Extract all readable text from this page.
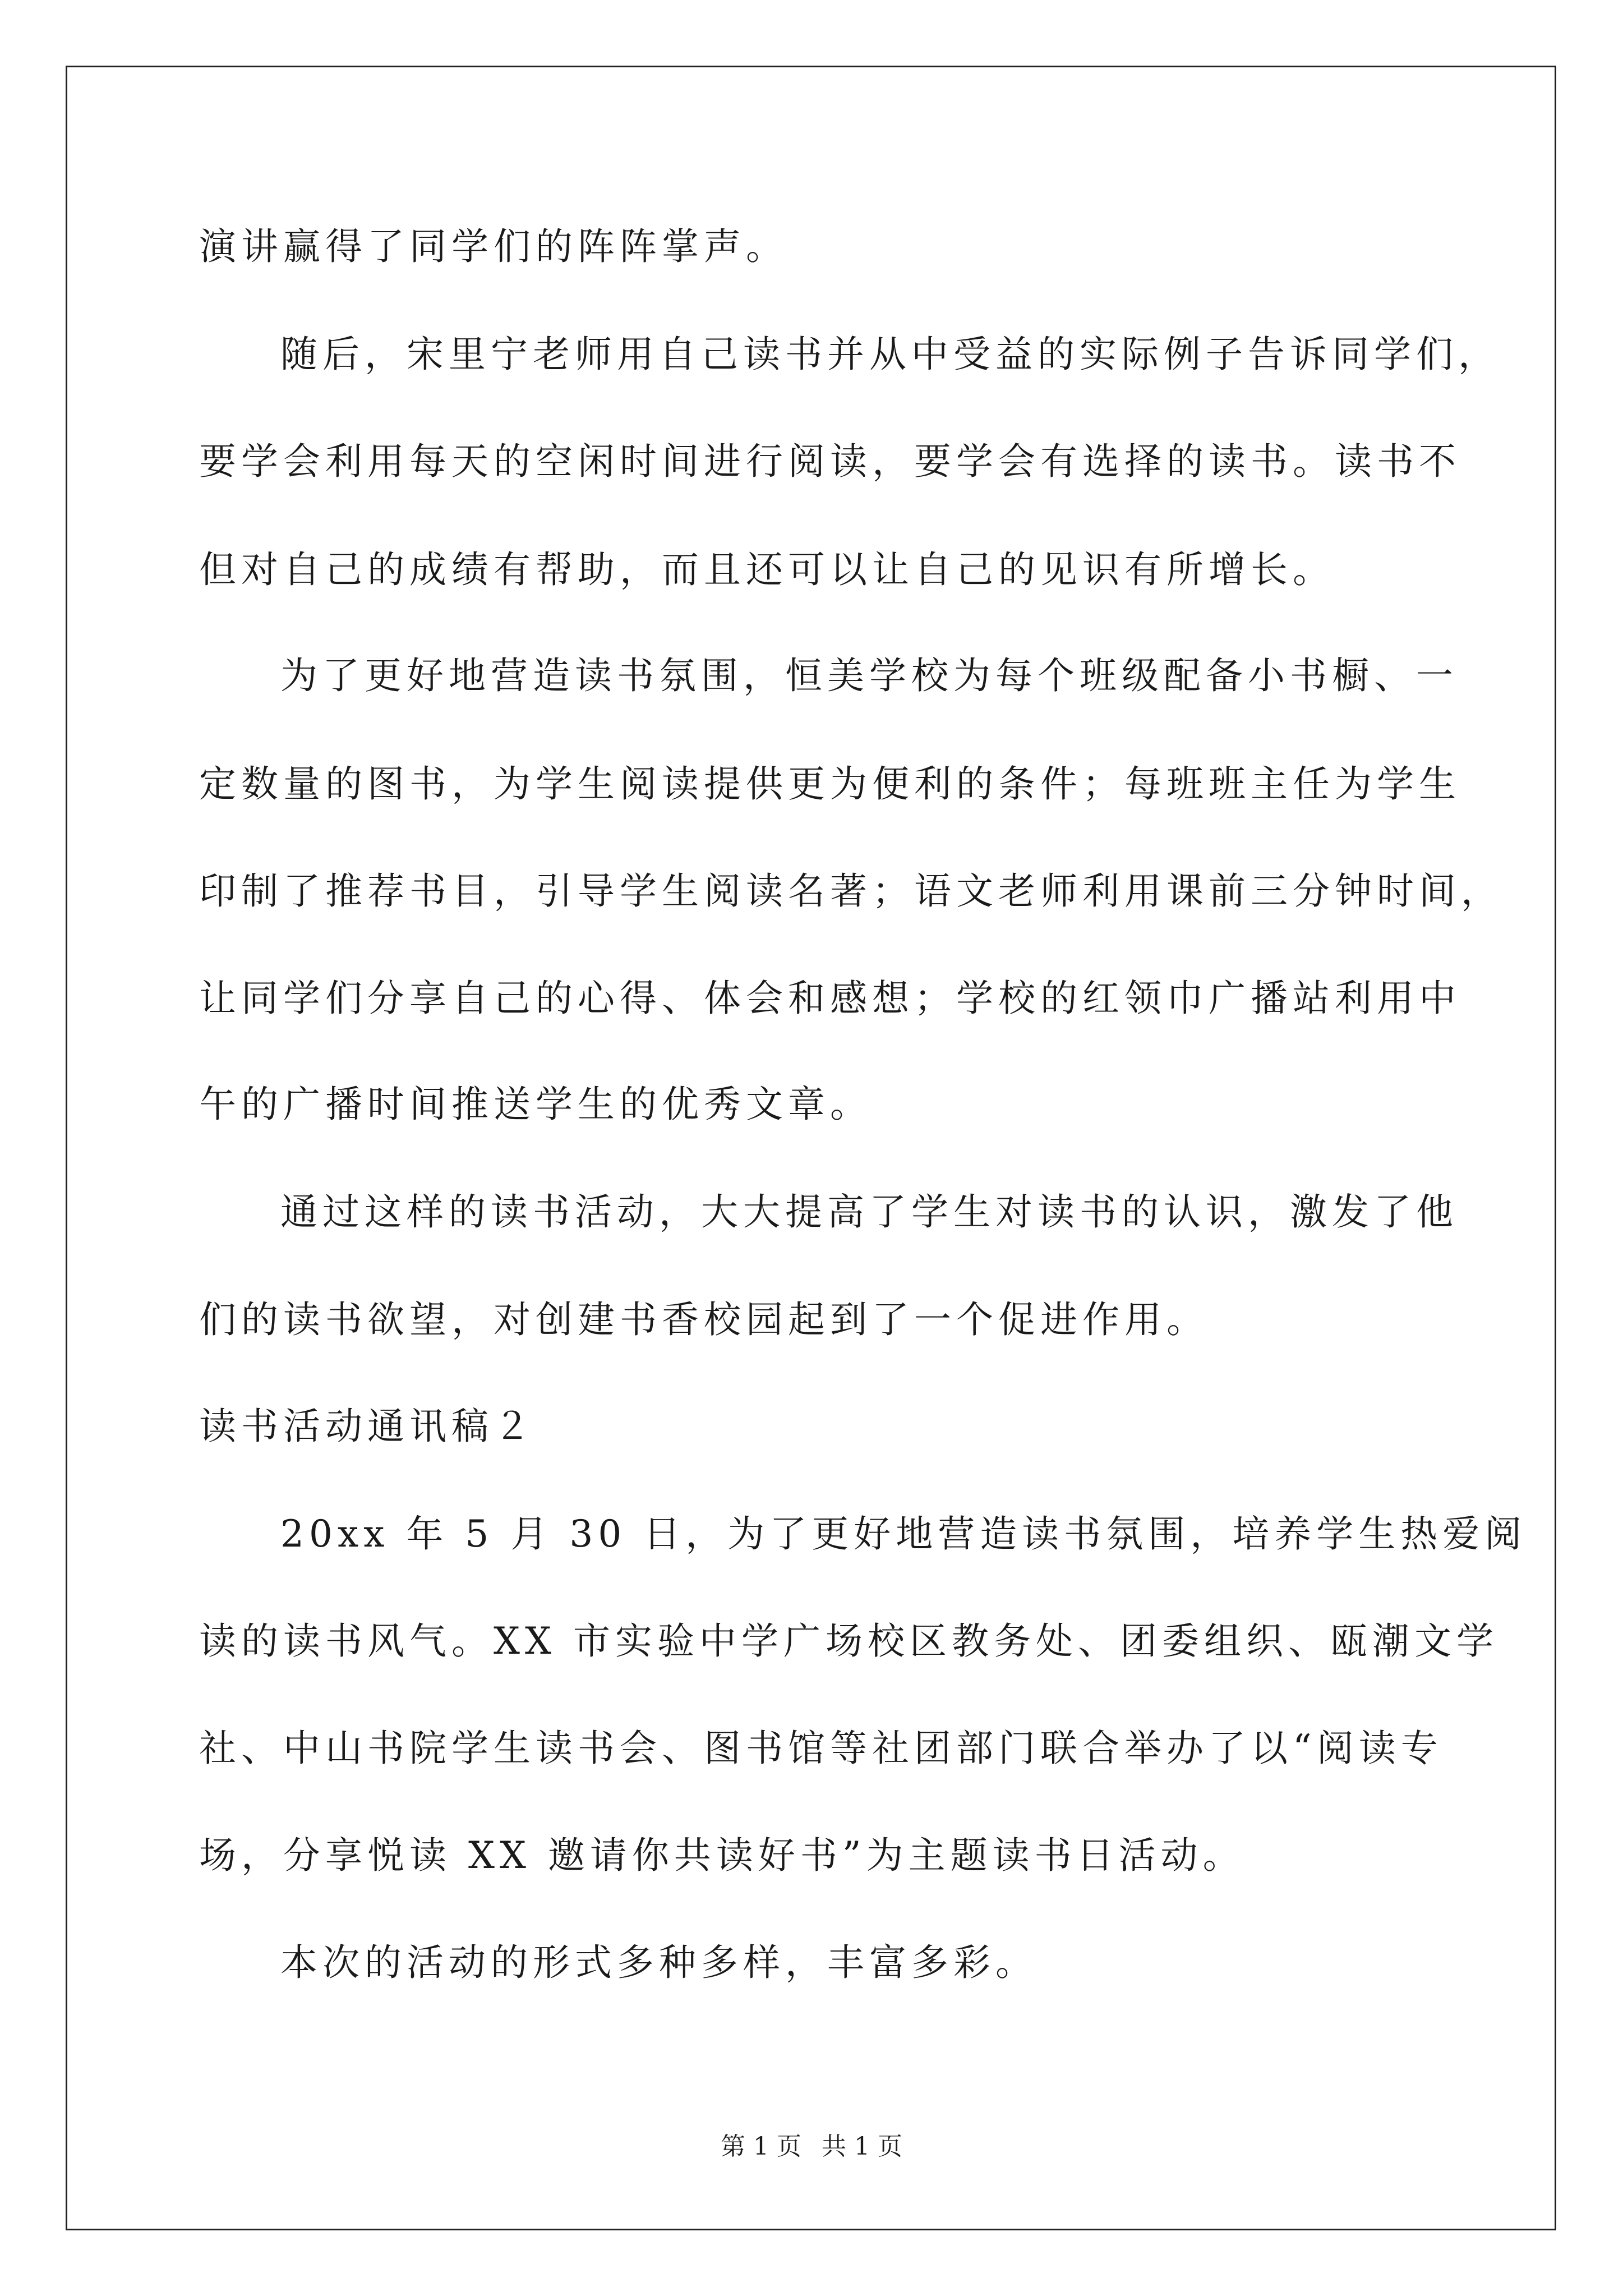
演讲赢得了同学们的阵阵掌声。
随后，宋里宁老师用自己读书并从中受益的实际例子告诉同学们，
要学会利用每天的空闲时间进行阅读，要学会有选择的读书。读书不
但对自己的成绩有帮助，而且还可以让自己的见识有所增长。
为了更好地营造读书氛围，恒美学校为每个班级配备小书橱、一
定数量的图书，为学生阅读提供更为便利的条件；每班班主任为学生
印制了推荐书目，引导学生阅读名著；语文老师利用课前三分钟时间，
让同学们分享自己的心得、体会和感想；学校的红领巾广播站利用中
午的广播时间推送学生的优秀文章。
通过这样的读书活动，大大提高了学生对读书的认识，激发了他
们的读书欲望，对创建书香校园起到了一个促进作用。
读书活动通讯稿２
20xx 年 5 月 30 日，为了更好地营造读书氛围，培养学生热爱阅
读的读书风气。XX 市实验中学广场校区教务处、团委组织、瓯潮文学
社、中山书院学生读书会、图书馆等社团部门联合举办了以“阅读专
场，分享悦读 XX 邀请你共读好书”为主题读书日活动。
本次的活动的形式多种多样，丰富多彩。
第 1 页 共 1 页
